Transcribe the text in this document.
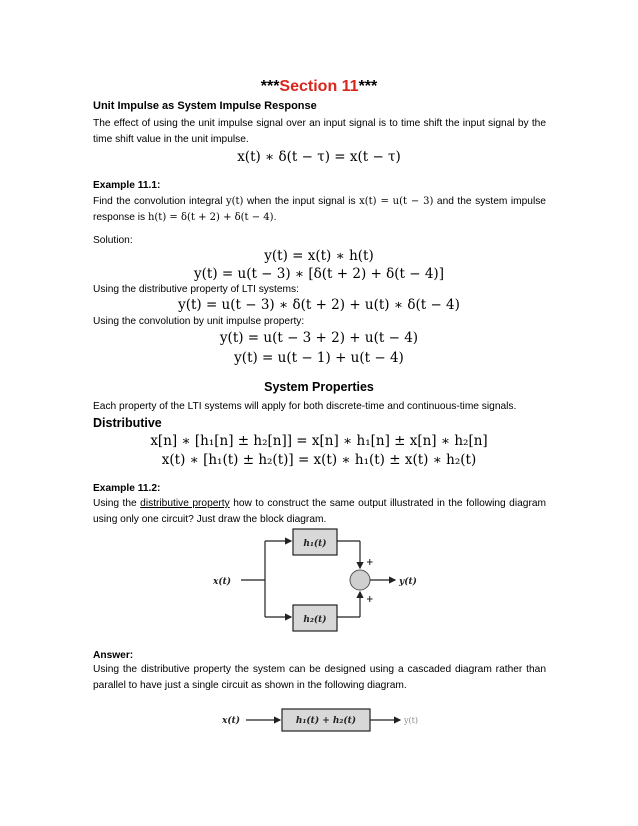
***Section 11***
Unit Impulse as System Impulse Response
The effect of using the unit impulse signal over an input signal is to time shift the input signal by the time shift value in the unit impulse.
x(t) ∗ δ(t − τ) = x(t − τ)
Example 11.1:
Find the convolution integral y(t) when the input signal is x(t) = u(t − 3) and the system impulse response is h(t) = δ(t + 2) + δ(t − 4).
Solution:
y(t) = x(t) ∗ h(t)
y(t) = u(t − 3) ∗ [δ(t + 2) + δ(t − 4)]
Using the distributive property of LTI systems:
y(t) = u(t − 3) ∗ δ(t + 2) + u(t) ∗ δ(t − 4)
Using the convolution by unit impulse property:
y(t) = u(t − 3 + 2) + u(t − 4)
y(t) = u(t − 1) + u(t − 4)
System Properties
Each property of the LTI systems will apply for both discrete-time and continuous-time signals.
Distributive
x[n] ∗ [h₁[n] ± h₂[n]] = x[n] ∗ h₁[n] ± x[n] ∗ h₂[n]
x(t) ∗ [h₁(t) ± h₂(t)] = x(t) ∗ h₁(t) ± x(t) ∗ h₂(t)
Example 11.2:
Using the distributive property how to construct the same output illustrated in the following diagram using only one circuit? Just draw the block diagram.
x(t)
h₁(t)
h₂(t)
+
+
y(t)
Answer:
Using the distributive property the system can be designed using a cascaded diagram rather than parallel to have just a single circuit as shown in the following diagram.
x(t)	h₁(t) + h₂(t)	y(t)
